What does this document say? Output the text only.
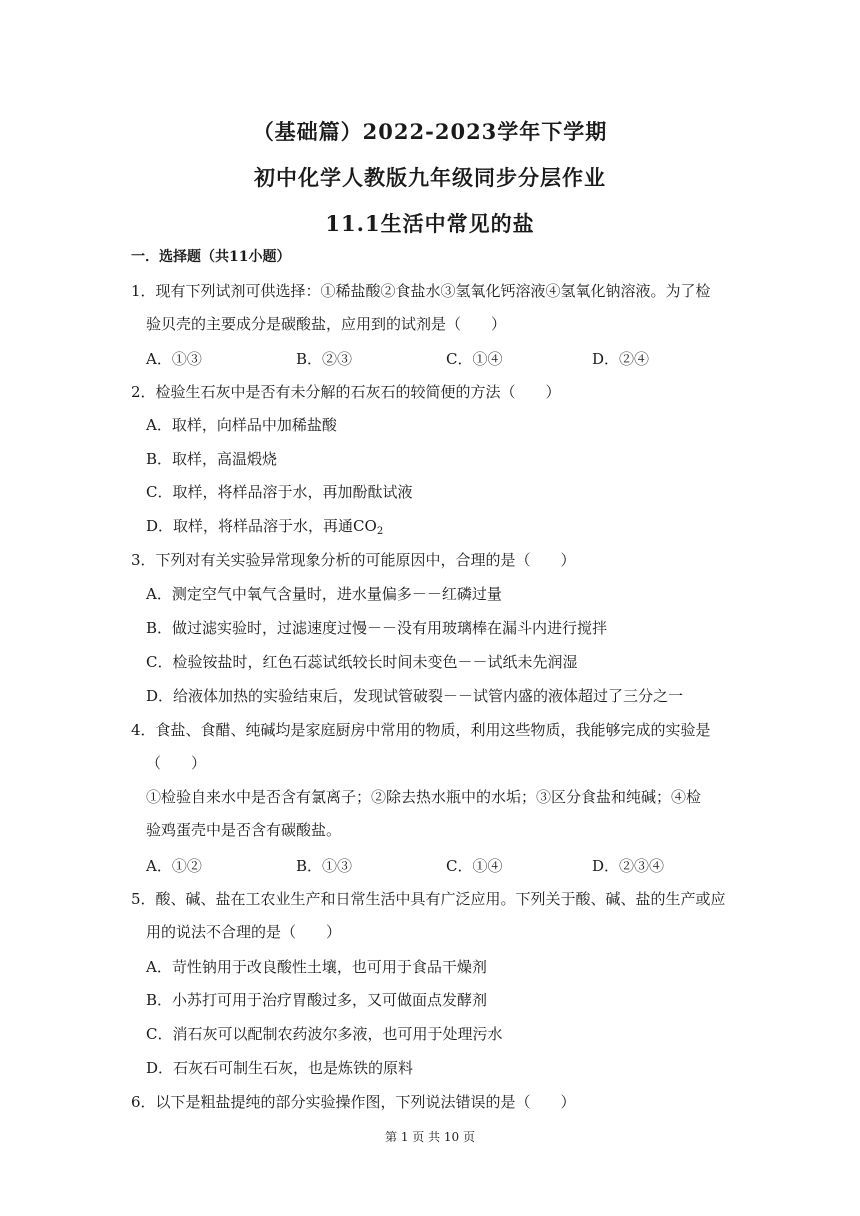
（基础篇）2022-2023学年下学期
初中化学人教版九年级同步分层作业
11.1生活中常见的盐
一．选择题（共11小题）
1．现有下列试剂可供选择：①稀盐酸②食盐水③氢氧化钙溶液④氢氧化钠溶液。为了检
验贝壳的主要成分是碳酸盐，应用到的试剂是（　　）
A．①③	B．②③	C．①④	D．②④
2．检验生石灰中是否有未分解的石灰石的较简便的方法（　　）
A．取样，向样品中加稀盐酸
B．取样，高温煅烧
C．取样，将样品溶于水，再加酚酞试液
D．取样，将样品溶于水，再通$CO_2$
3．下列对有关实验异常现象分析的可能原因中，合理的是（　　）
A．测定空气中氧气含量时，进水量偏多－－红磷过量
B．做过滤实验时，过滤速度过慢－－没有用玻璃棒在漏斗内进行搅拌
C．检验铵盐时，红色石蕊试纸较长时间未变色－－试纸未先润湿
D．给液体加热的实验结束后，发现试管破裂－－试管内盛的液体超过了三分之一
4．食盐、食醋、纯碱均是家庭厨房中常用的物质，利用这些物质，我能够完成的实验是
（　　）
①检验自来水中是否含有氯离子；②除去热水瓶中的水垢；③区分食盐和纯碱；④检
验鸡蛋壳中是否含有碳酸盐。
A．①②	B．①③	C．①④	D．②③④
5．酸、碱、盐在工农业生产和日常生活中具有广泛应用。下列关于酸、碱、盐的生产或应
用的说法不合理的是（　　）
A．苛性钠用于改良酸性土壤，也可用于食品干燥剂
B．小苏打可用于治疗胃酸过多，又可做面点发酵剂
C．消石灰可以配制农药波尔多液，也可用于处理污水
D．石灰石可制生石灰，也是炼铁的原料
6．以下是粗盐提纯的部分实验操作图，下列说法错误的是（　　）
第 1 页 共 10 页
